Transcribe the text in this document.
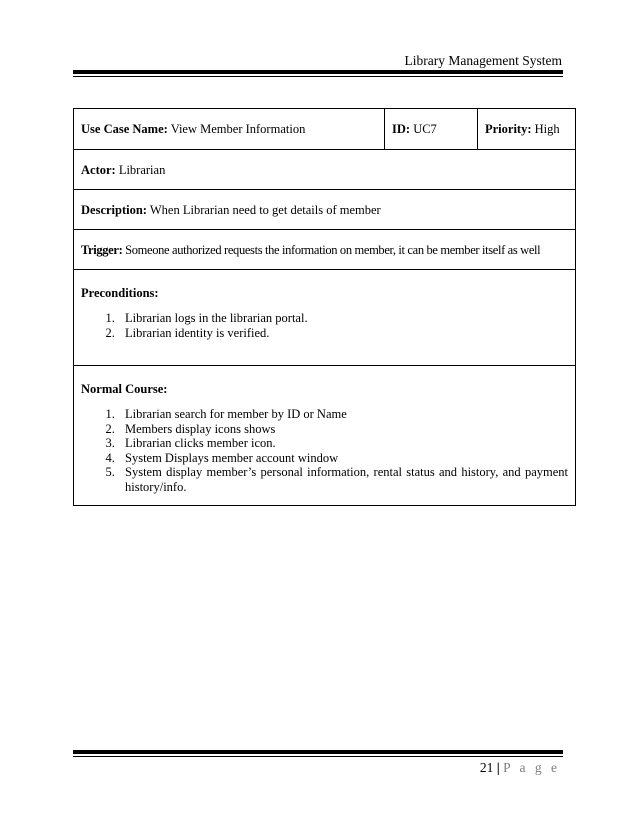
Library Management System
Use Case Name: View Member Information	ID: UC7	Priority: High
Actor: Librarian
Description: When Librarian need to get details of member
Trigger: Someone authorized requests the information on member, it can be member itself as well

Preconditions:
1. Librarian logs in the librarian portal.
2. Librarian identity is verified.

Normal Course:
1. Librarian search for member by ID or Name
2. Members display icons shows
3. Librarian clicks member icon.
4. System Displays member account window
5. System display member’s personal information, rental status and history, and payment history/info.
21 | P a g e
